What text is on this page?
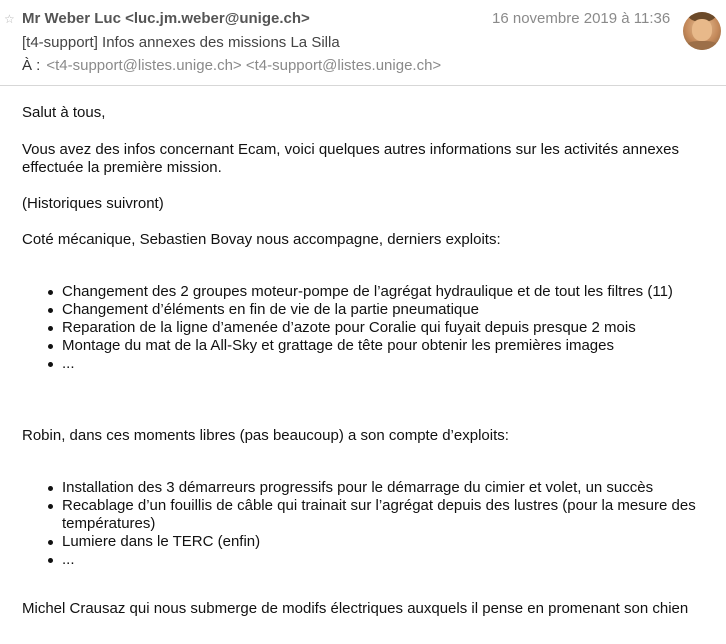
☆ Mr Weber Luc <luc.jm.weber@unige.ch>	16 novembre 2019 à 11:36
[t4-support] Infos annexes des missions La Silla
À : <t4-support@listes.unige.ch> <t4-support@listes.unige.ch>

Salut à tous,

Vous avez des infos concernant Ecam, voici quelques autres informations sur les activités annexes effectuée la première mission.

(Historiques suivront)

Coté mécanique, Sebastien Bovay nous accompagne, derniers exploits:

Changement des 2 groupes moteur-pompe de l’agrégat hydraulique et de tout les filtres (11)
Changement d’éléments en fin de vie de la partie pneumatique
Reparation de la ligne d’amenée d’azote pour Coralie qui fuyait depuis presque 2 mois
Montage du mat de la All-Sky et grattage de tête pour obtenir les premières images
...

Robin, dans ces moments libres (pas beaucoup) a son compte d’exploits:

Installation des 3 démarreurs progressifs pour le démarrage du cimier et volet, un succès
Recablage d’un fouillis de câble qui trainait sur l’agrégat depuis des lustres (pour la mesure des températures)
Lumiere dans le TERC (enfin)
...

Michel Crausaz qui nous submerge de modifs électriques auxquels il pense en promenant son chien
